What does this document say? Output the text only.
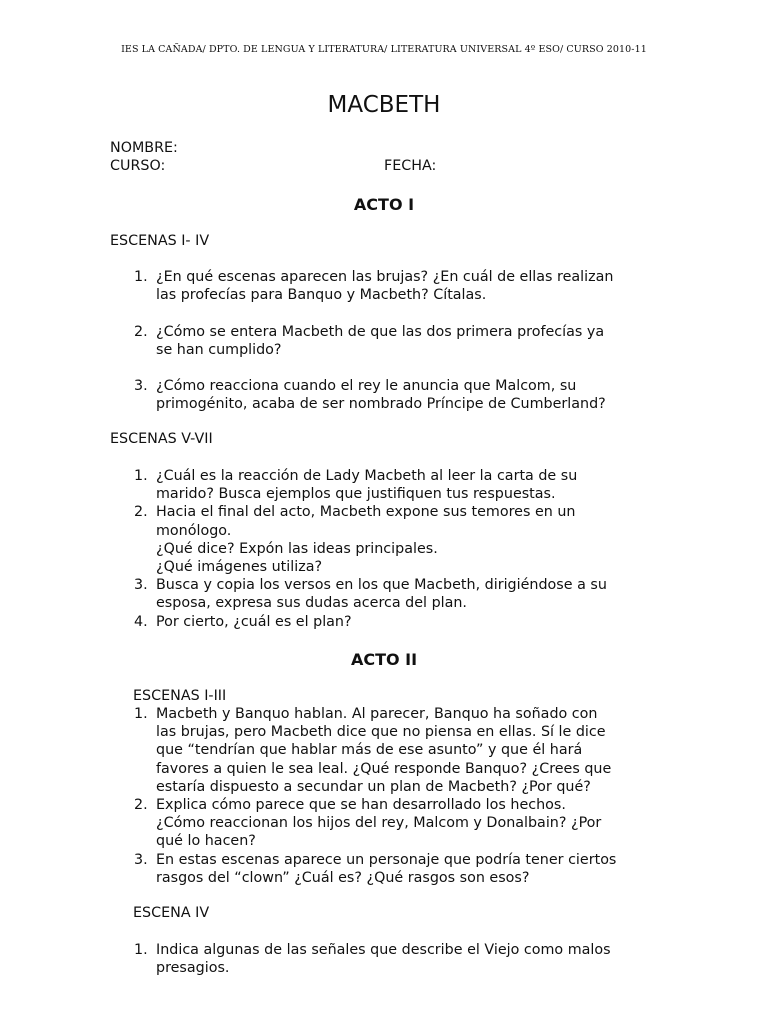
IES LA CAÑADA/ DPTO. DE LENGUA Y LITERATURA/ LITERATURA UNIVERSAL 4º ESO/ CURSO 2010-11
MACBETH
NOMBRE:
CURSO:	FECHA:
ACTO I
ESCENAS I- IV
1. ¿En qué escenas aparecen las brujas? ¿En cuál de ellas realizan
las profecías para Banquo y Macbeth? Cítalas.
2. ¿Cómo se entera Macbeth de que las dos primera profecías ya
se han cumplido?
3. ¿Cómo reacciona cuando el rey le anuncia que Malcom, su
primogénito, acaba de ser nombrado Príncipe de Cumberland?
ESCENAS V-VII
1. ¿Cuál es la reacción de Lady Macbeth al leer la carta de su
marido? Busca ejemplos que justifiquen tus respuestas.
2. Hacia el final del acto, Macbeth expone sus temores en un
monólogo.
¿Qué dice? Expón las ideas principales.
¿Qué imágenes utiliza?
3. Busca y copia los versos en los que Macbeth, dirigiéndose a su
esposa, expresa sus dudas acerca del plan.
4. Por cierto, ¿cuál es el plan?
ACTO II
ESCENAS I-III
1. Macbeth y Banquo hablan. Al parecer, Banquo ha soñado con
las brujas, pero Macbeth dice que no piensa en ellas. Sí le dice
que “tendrían que hablar más de ese asunto” y que él hará
favores a quien le sea leal. ¿Qué responde Banquo? ¿Crees que
estaría dispuesto a secundar un plan de Macbeth? ¿Por qué?
2. Explica cómo parece que se han desarrollado los hechos.
¿Cómo reaccionan los hijos del rey, Malcom y Donalbain? ¿Por
qué lo hacen?
3. En estas escenas aparece un personaje que podría tener ciertos
rasgos del “clown” ¿Cuál es? ¿Qué rasgos son esos?
ESCENA IV
1. Indica algunas de las señales que describe el Viejo como malos
presagios.
